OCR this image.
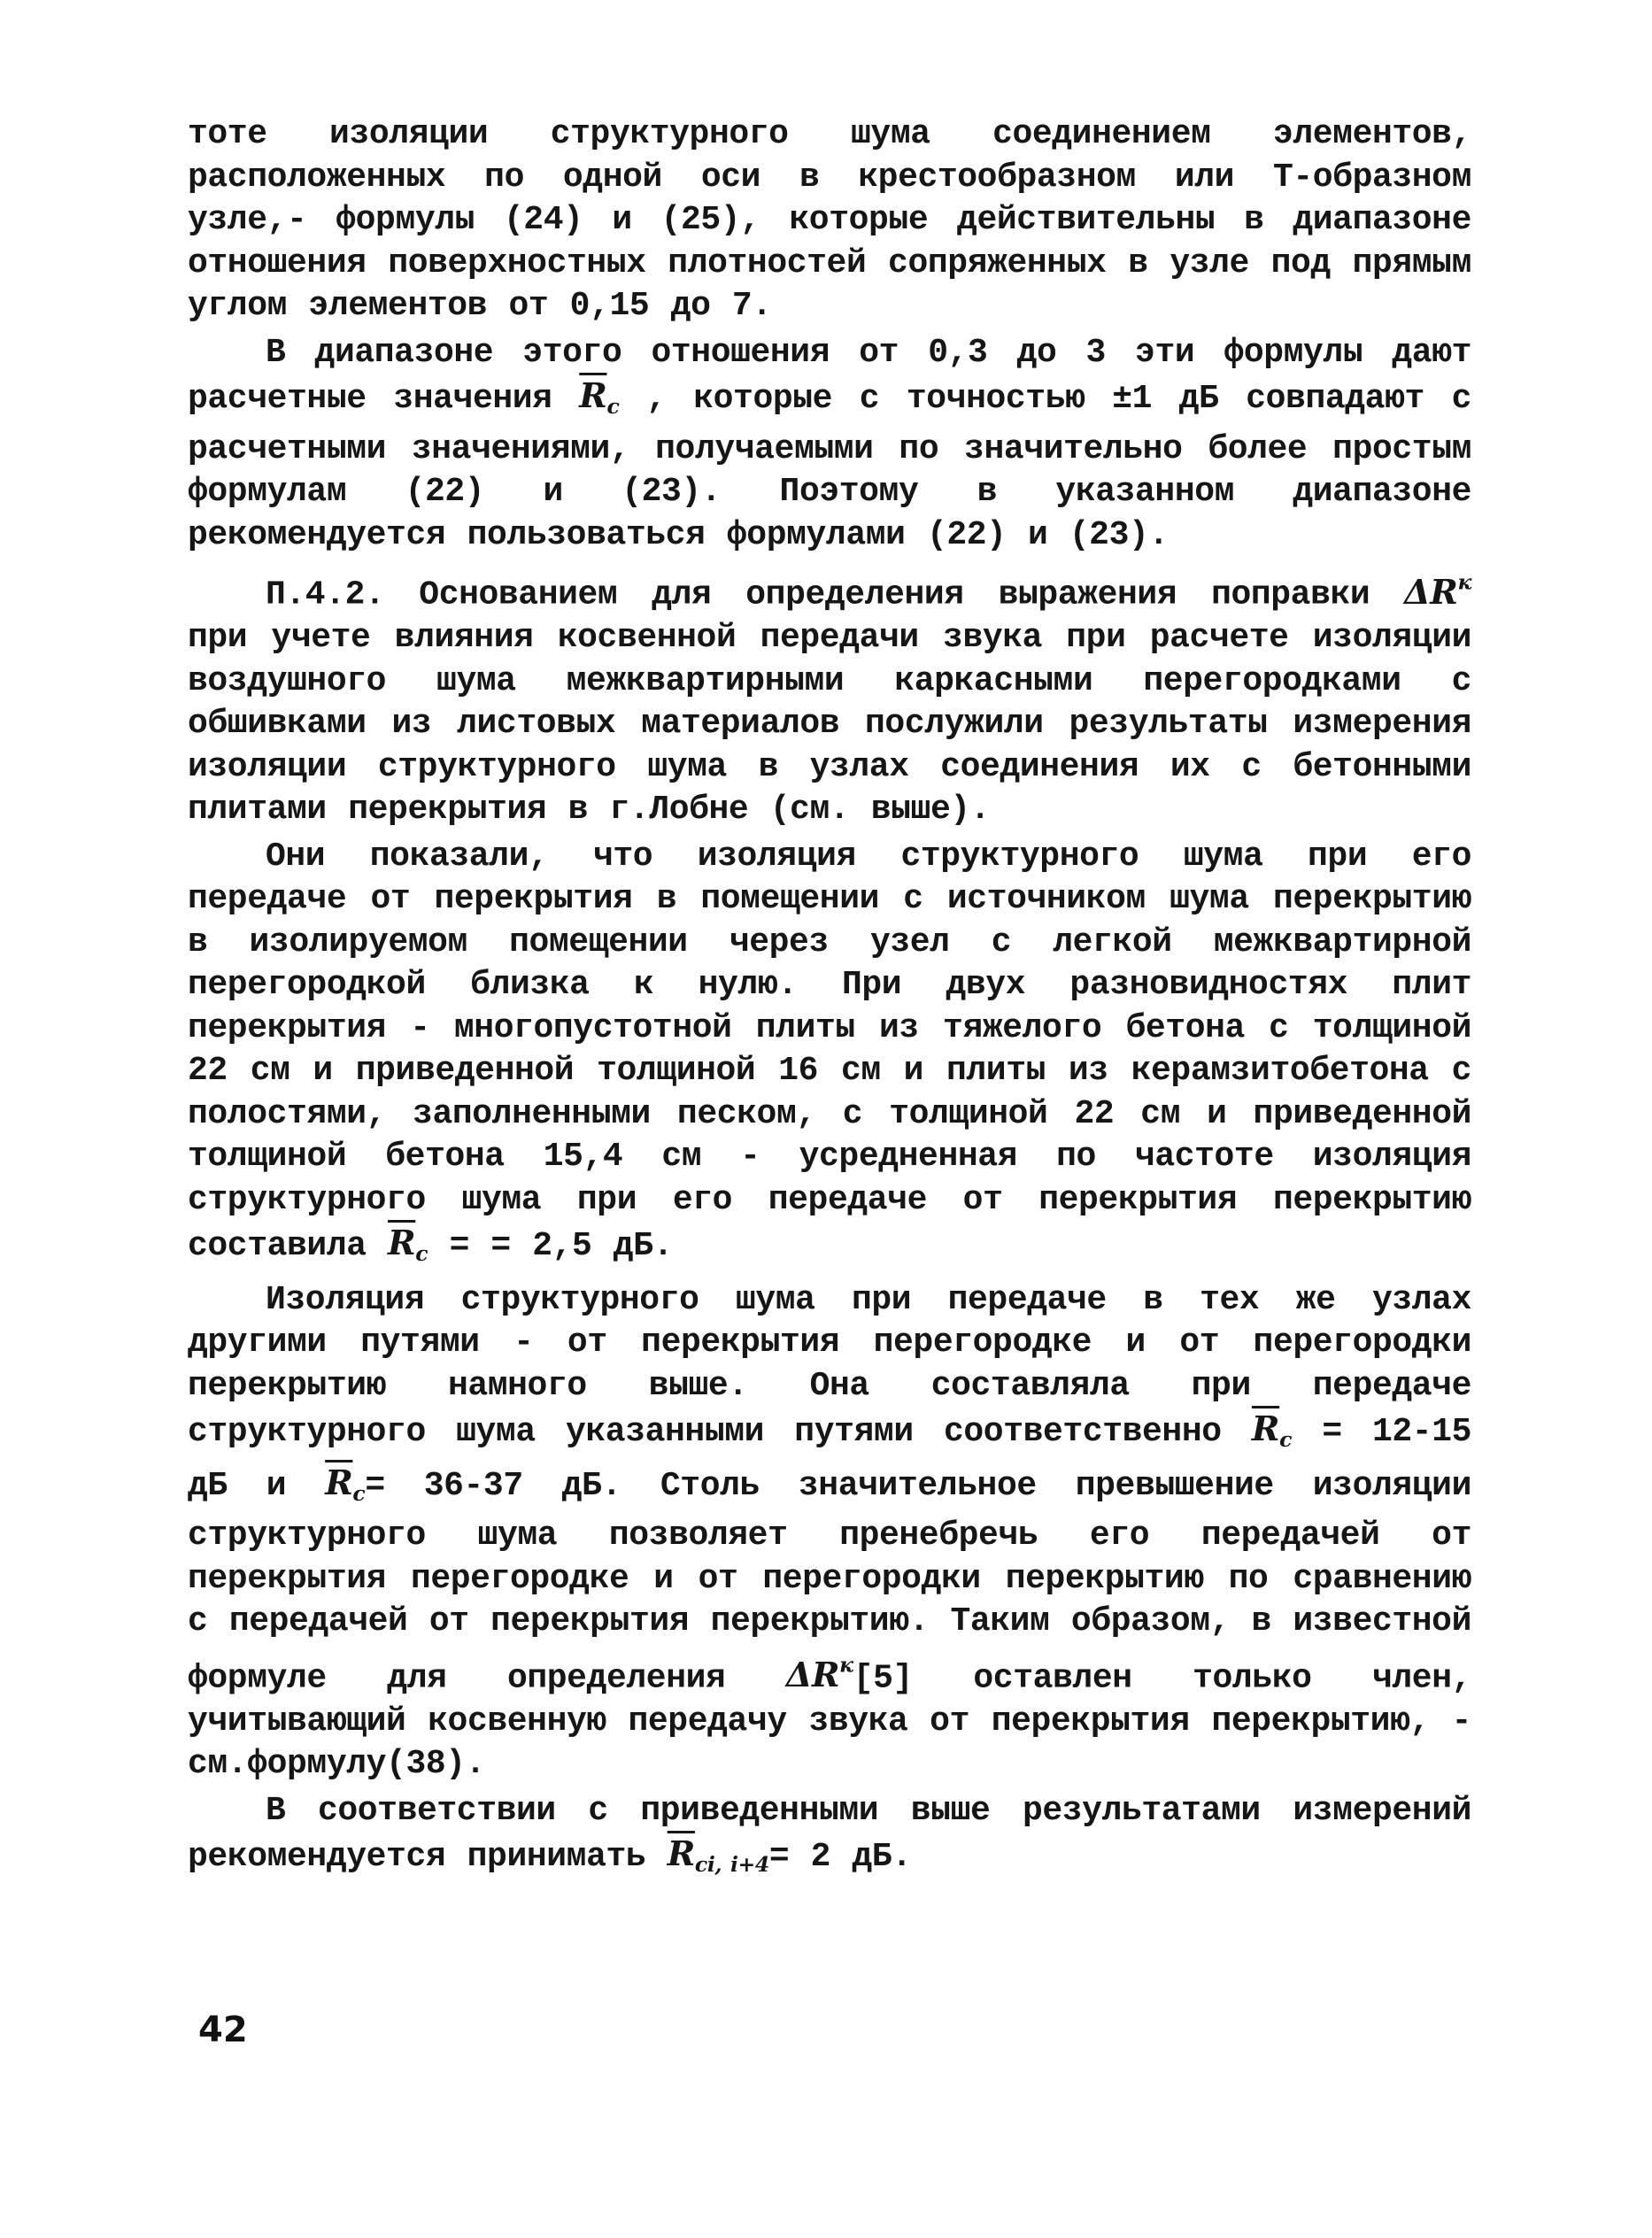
тоте изоляции структурного шума соединением элементов, расположенных по одной оси в крестообразном или Т-образном узле,- формулы (24) и (25), которые действительны в диапазоне отношения поверхностных плотностей сопряженных в узле под прямым углом элементов от 0,15 до 7.

В диапазоне этого отношения от 0,3 до 3 эти формулы дают расчетные значения $\overline{R}_c$ , которые с точностью ±1 дБ совпадают с расчетными значениями, получаемыми по значительно более простым формулам (22) и (23). Поэтому в указанном диапазоне рекомендуется пользоваться формулами (22) и (23).

П.4.2. Основанием для определения выражения поправки $\Delta R^к$ при учете влияния косвенной передачи звука при расчете изоляции воздушного шума межквартирными каркасными перегородками с обшивками из листовых материалов послужили результаты измерения изоляции структурного шума в узлах соединения их с бетонными плитами перекрытия в г.Лобне (см. выше).

Они показали, что изоляция структурного шума при его передаче от перекрытия в помещении с источником шума перекрытию в изолируемом помещении через узел с легкой межквартирной перегородкой близка к нулю. При двух разновидностях плит перекрытия - многопустотной плиты из тяжелого бетона с толщиной 22 см и приведенной толщиной 16 см и плиты из керамзитобетона с полостями, заполненными песком, с толщиной 22 см и приведенной толщиной бетона 15,4 см - усредненная по частоте изоляция структурного шума при его передаче от перекрытия перекрытию составила $\overline{R}_c$ = = 2,5 дБ.

Изоляция структурного шума при передаче в тех же узлах другими путями - от перекрытия перегородке и от перегородки перекрытию намного выше. Она составляла при передаче структурного шума указанными путями соответственно $\overline{R}_c = 12-15$ дБ и $\overline{R}_c= 36-37$ дБ. Столь значительное превышение изоляции структурного шума позволяет пренебречь его передачей от перекрытия перегородке и от перегородки перекрытию по сравнению с передачей от перекрытия перекрытию. Таким образом, в известной формуле для определения $\Delta R^к[5]$ оставлен только член, учитывающий косвенную передачу звука от перекрытия перекрытию, - см.формулу(38).

В соответствии с приведенными выше результатами измерений рекомендуется принимать $\overline{R}_{ci, i+4}= 2$ дБ.

42
